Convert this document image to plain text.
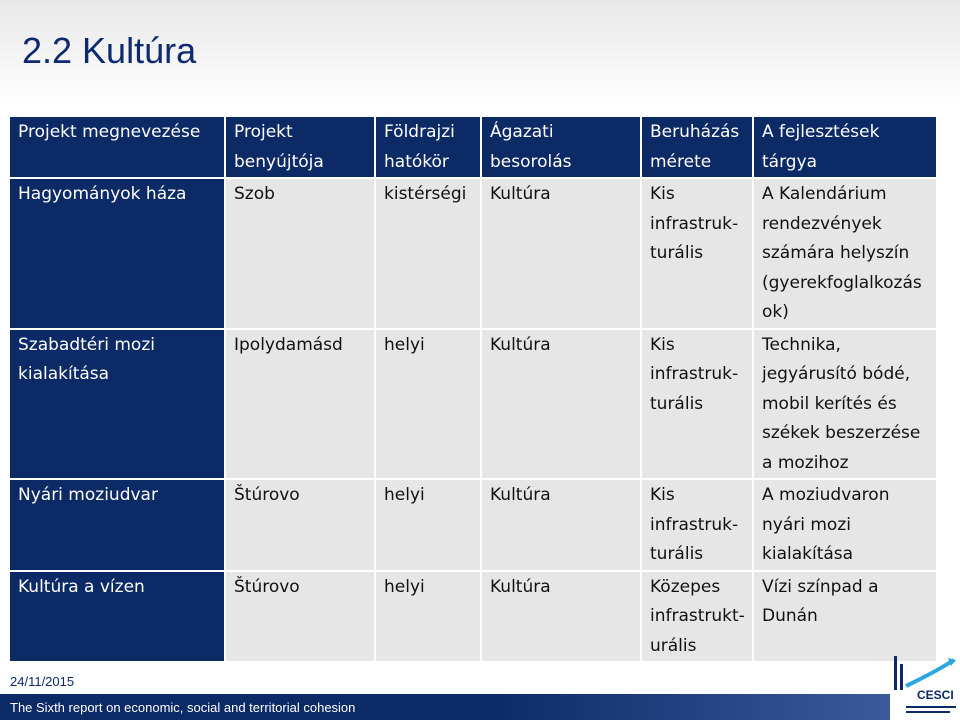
2.2 Kultúra
Projekt megnevezése	Projekt benyújtója	Földrajzi hatókör	Ágazati besorolás	Beruházás mérete	A fejlesztések tárgya
Hagyományok háza	Szob	kistérségi	Kultúra	Kis infrastruk-turális	A Kalendárium rendezvények számára helyszín (gyerekfoglalkozás ok)
Szabadtéri mozi kialakítása	Ipolydamásd	helyi	Kultúra	Kis infrastruk-turális	Technika, jegyárusító bódé, mobil kerítés és székek beszerzése a mozihoz
Nyári moziudvar	Štúrovo	helyi	Kultúra	Kis infrastruk-turális	A moziudvaron nyári mozi kialakítása
Kultúra a vízen	Štúrovo	helyi	Kultúra	Közepes infrastrukt-urális	Vízi színpad a Dunán
24/11/2015
The Sixth report on economic, social and territorial cohesion
CESCI
